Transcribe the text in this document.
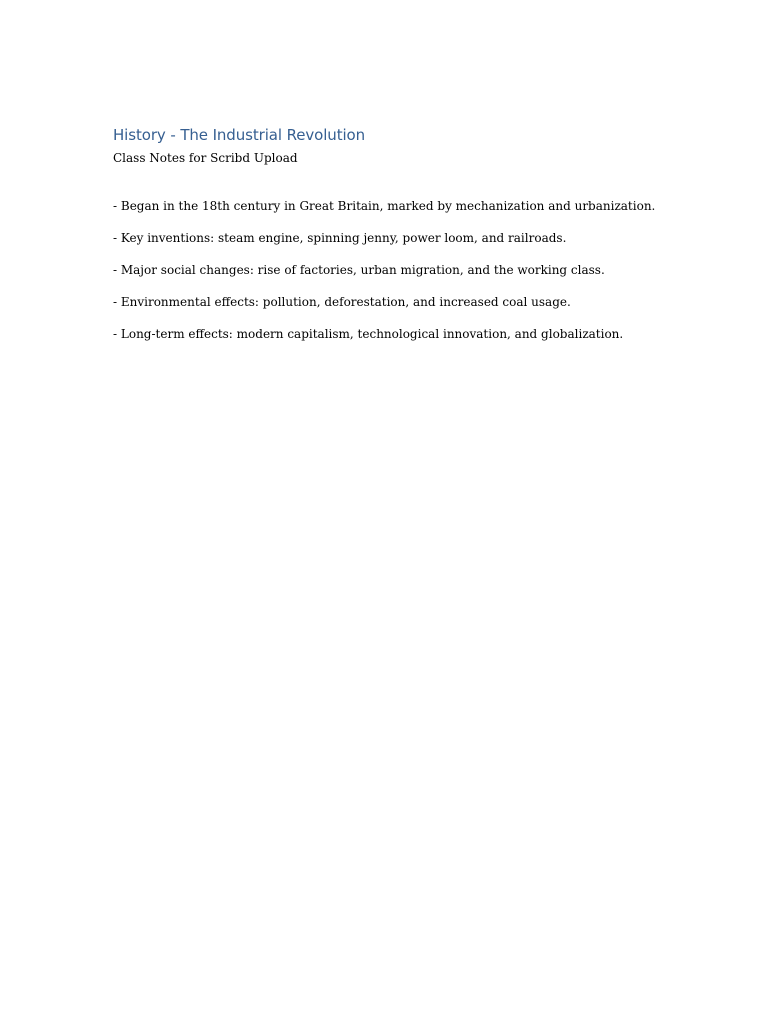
History - The Industrial Revolution

Class Notes for Scribd Upload

- Began in the 18th century in Great Britain, marked by mechanization and urbanization.

- Key inventions: steam engine, spinning jenny, power loom, and railroads.

- Major social changes: rise of factories, urban migration, and the working class.

- Environmental effects: pollution, deforestation, and increased coal usage.

- Long-term effects: modern capitalism, technological innovation, and globalization.
